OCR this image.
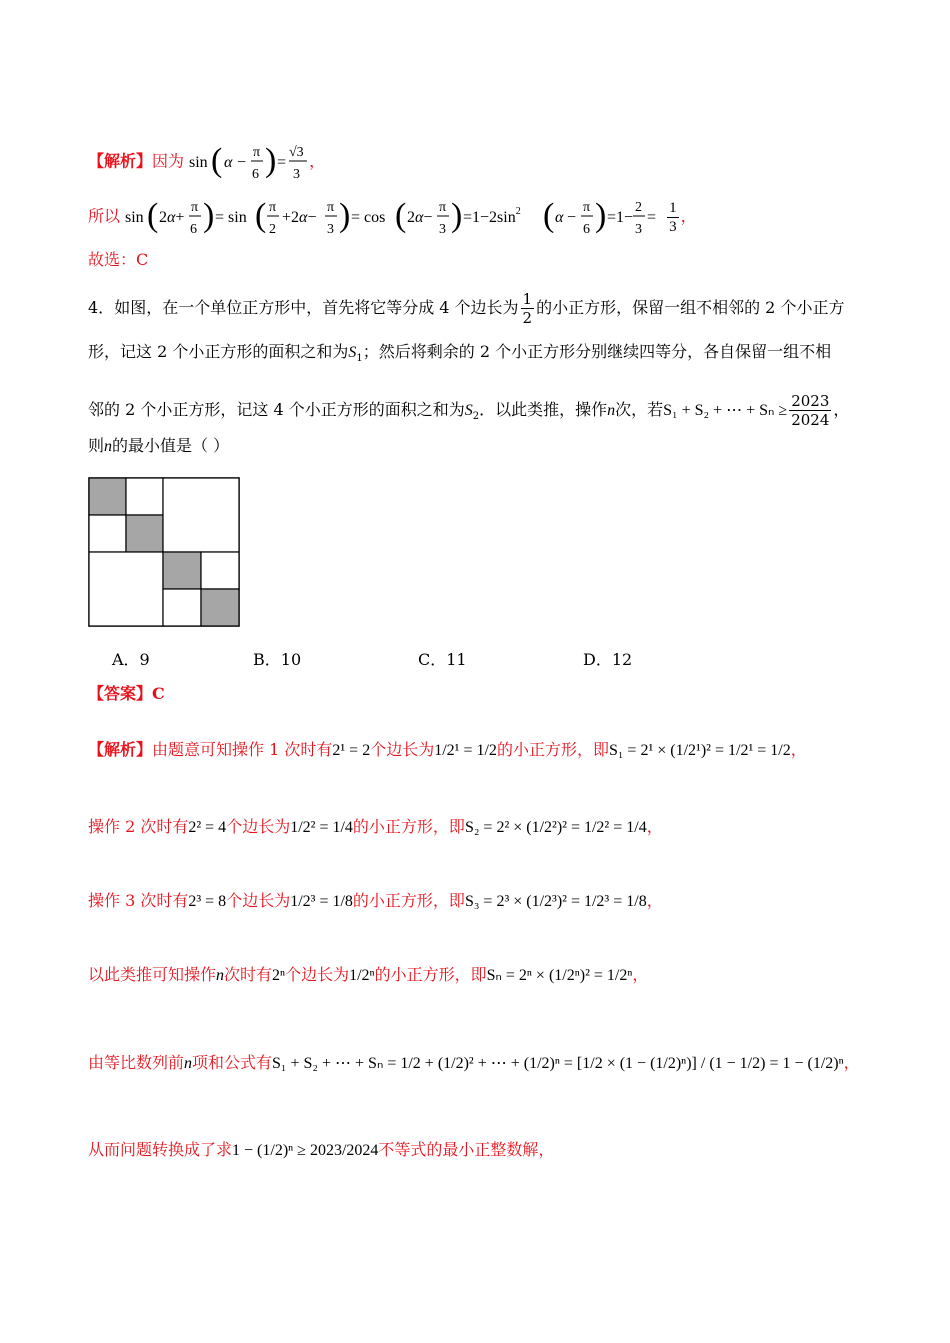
【解析】因为 sin ( α −
π
6 ) =
√3
3
，
所以 sin ( 2α+
π
6 ) = sin ( π
2
+2α−
π
3 ) = cos ( 2α−
π
3 ) $=1-2\sin^2$ ( α −
π
6 ) =1−
2
3
= $\frac{1}{3}$ ，
故选：C
4．如图，在一个单位正方形中，首先将它等分成 4 个边长为 $\frac{1}{2}$ 的小正方形，保留一组不相邻的 2 个小正方
形，记这 2 个小正方形的面积之和为$S_1$；然后将剩余的 2 个小正方形分别继续四等分，各自保留一组不相
邻的 2 个小正方形，记这 4 个小正方形的面积之和为$S_2$．以此类推，操作n次，若S₁ + S₂ + ⋯ + $S_n \ge \frac{2023}{2024}$ ，
则n的最小值是（ ）
A．9	B．10	C．11	D．12
【答案】C
【解析】由题意可知操作 1 次时有2¹ = 2个边长为1/2¹ = 1/2的小正方形，即S₁ = 2¹ × (1/2¹)² = 1/2¹ = 1/2，
操作 2 次时有2² = 4个边长为1/2² = 1/4的小正方形，即S₂ = 2² × (1/2²)² = 1/2² = 1/4，
操作 3 次时有2³ = 8个边长为1/2³ = 1/8的小正方形，即S₃ = 2³ × (1/2³)² = 1/2³ = 1/8，
以此类推可知操作n次时有2ⁿ个边长为1/2ⁿ的小正方形，即Sₙ = 2ⁿ × (1/2ⁿ)² = 1/2ⁿ，
由等比数列前n项和公式有S₁ + S₂ + ⋯ + Sₙ = 1/2 + (1/2)² + ⋯ + (1/2)ⁿ = [1/2 × (1 − (1/2)ⁿ)] / (1 − 1/2) = 1 − (1/2)ⁿ，
从而问题转换成了求1 − (1/2)ⁿ ≥ 2023/2024不等式的最小正整数解，
